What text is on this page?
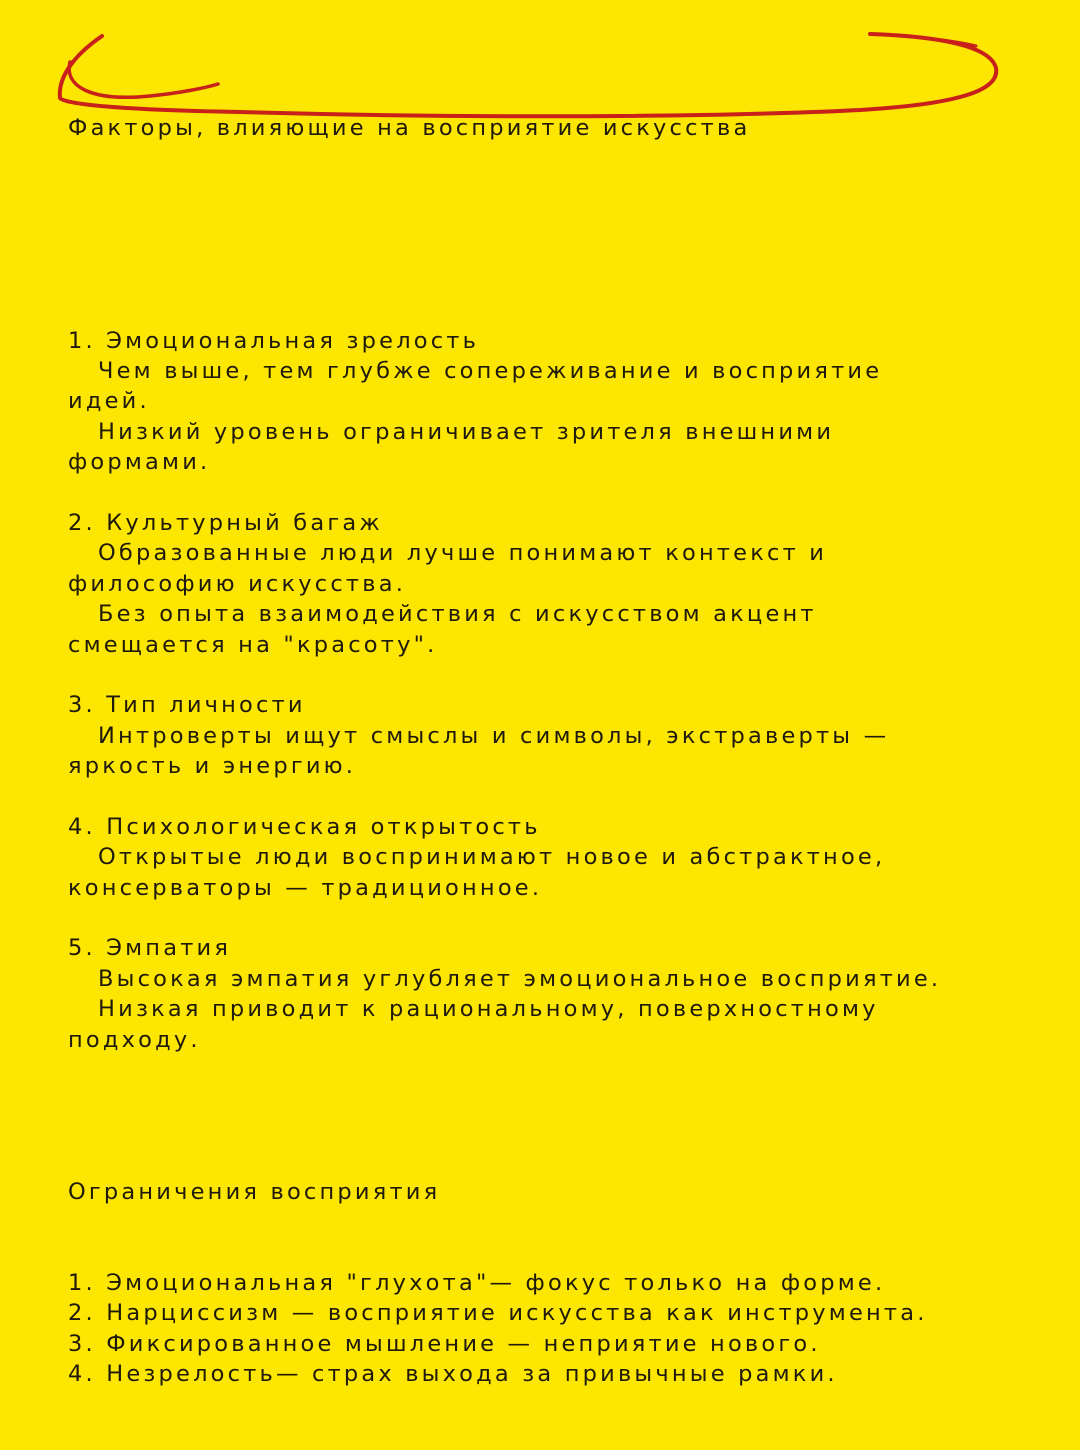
Факторы, влияющие на восприятие искусства

1. Эмоциональная зрелость
Чем выше, тем глубже сопереживание и восприятие
идей.
Низкий уровень ограничивает зрителя внешними
формами.
2. Культурный багаж
Образованные люди лучше понимают контекст и
философию искусства.
Без опыта взаимодействия с искусством акцент
смещается на "красоту".
3. Тип личности
Интроверты ищут смыслы и символы, экстраверты —
яркость и энергию.
4. Психологическая открытость
Открытые люди воспринимают новое и абстрактное,
консерваторы — традиционное.
5. Эмпатия
Высокая эмпатия углубляет эмоциональное восприятие.
Низкая приводит к рациональному, поверхностному
подходу.

Ограничения восприятия

1. Эмоциональная "глухота"— фокус только на форме.
2. Нарциссизм — восприятие искусства как инструмента.
3. Фиксированное мышление — неприятие нового.
4. Незрелость— страх выхода за привычные рамки.
